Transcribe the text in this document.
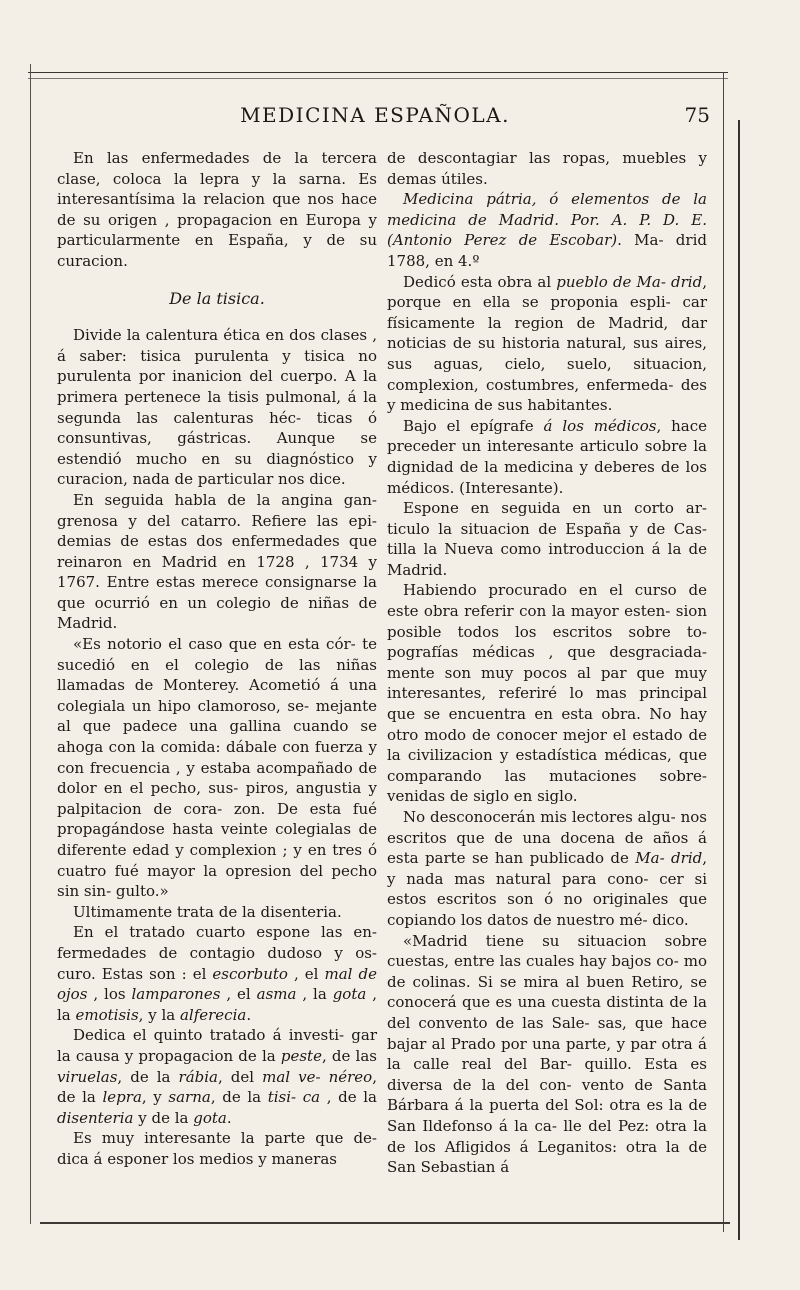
MEDICINA ESPAÑOLA.	75

En las enfermedades de la tercera clase, coloca la lepra y la sarna. Es interesantísima la relacion que nos hace de su origen , propagacion en Europa y particularmente en España, y de su curacion.

De la tisica.

Divide la calentura ética en dos clases , á saber: tisica purulenta y tisica no purulenta por inanicion del cuerpo. A la primera pertenece la tisis pulmonal, á la segunda las calenturas héc- ticas ó consuntivas, gástricas. Aunque se estendió mucho en su diagnóstico y curacion, nada de particular nos dice.

En seguida habla de la angina gan- grenosa y del catarro. Refiere las epi- demias de estas dos enfermedades que reinaron en Madrid en 1728 , 1734 y 1767. Entre estas merece consignarse la que ocurrió en un colegio de niñas de Madrid.

«Es notorio el caso que en esta cór- te sucedió en el colegio de las niñas llamadas de Monterey. Acometió á una colegiala un hipo clamoroso, se- mejante al que padece una gallina cuando se ahoga con la comida: dábale con fuerza y con frecuencia , y estaba acompañado de dolor en el pecho, sus- piros, angustia y palpitacion de cora- zon. De esta fué propagándose hasta veinte colegialas de diferente edad y complexion ; y en tres ó cuatro fué mayor la opresion del pecho sin sin- gulto.»

Ultimamente trata de la disenteria.

En el tratado cuarto espone las en- fermedades de contagio dudoso y os- curo. Estas son : el escorbuto , el mal de ojos , los lamparones , el asma , la gota , la emotisis, y la alferecia.

Dedica el quinto tratado á investi- gar la causa y propagacion de la peste, de las viruelas, de la rábia, del mal ve- néreo, de la lepra, y sarna, de la tisi- ca , de la disenteria y de la gota.

Es muy interesante la parte que de- dica á esponer los medios y maneras

de descontagiar las ropas, muebles y demas útiles.

Medicina pátria, ó elementos de la medicina de Madrid. Por. A. P. D. E. (Antonio Perez de Escobar). Ma- drid 1788, en 4.º

Dedicó esta obra al pueblo de Ma- drid, porque en ella se proponia espli- car físicamente la region de Madrid, dar noticias de su historia natural, sus aires, sus aguas, cielo, suelo, situacion, complexion, costumbres, enfermeda- des y medicina de sus habitantes.

Bajo el epígrafe á los médicos, hace preceder un interesante articulo sobre la dignidad de la medicina y deberes de los médicos. (Interesante).

Espone en seguida en un corto ar- ticulo la situacion de España y de Cas- tilla la Nueva como introduccion á la de Madrid.

Habiendo procurado en el curso de este obra referir con la mayor esten- sion posible todos los escritos sobre to- pografías médicas , que desgraciada- mente son muy pocos al par que muy interesantes, referiré lo mas principal que se encuentra en esta obra. No hay otro modo de conocer mejor el estado de la civilizacion y estadística médicas, que comparando las mutaciones sobre- venidas de siglo en siglo.

No desconocerán mis lectores algu- nos escritos que de una docena de años á esta parte se han publicado de Ma- drid, y nada mas natural para cono- cer si estos escritos son ó no originales que copiando los datos de nuestro mé- dico.

«Madrid tiene su situacion sobre cuestas, entre las cuales hay bajos co- mo de colinas. Si se mira al buen Retiro, se conocerá que es una cuesta distinta de la del convento de las Sale- sas, que hace bajar al Prado por una parte, y par otra á la calle real del Bar- quillo. Esta es diversa de la del con- vento de Santa Bárbara á la puerta del Sol: otra es la de San Ildefonso á la ca- lle del Pez: otra la de los Afligidos á Leganitos: otra la de San Sebastian á
